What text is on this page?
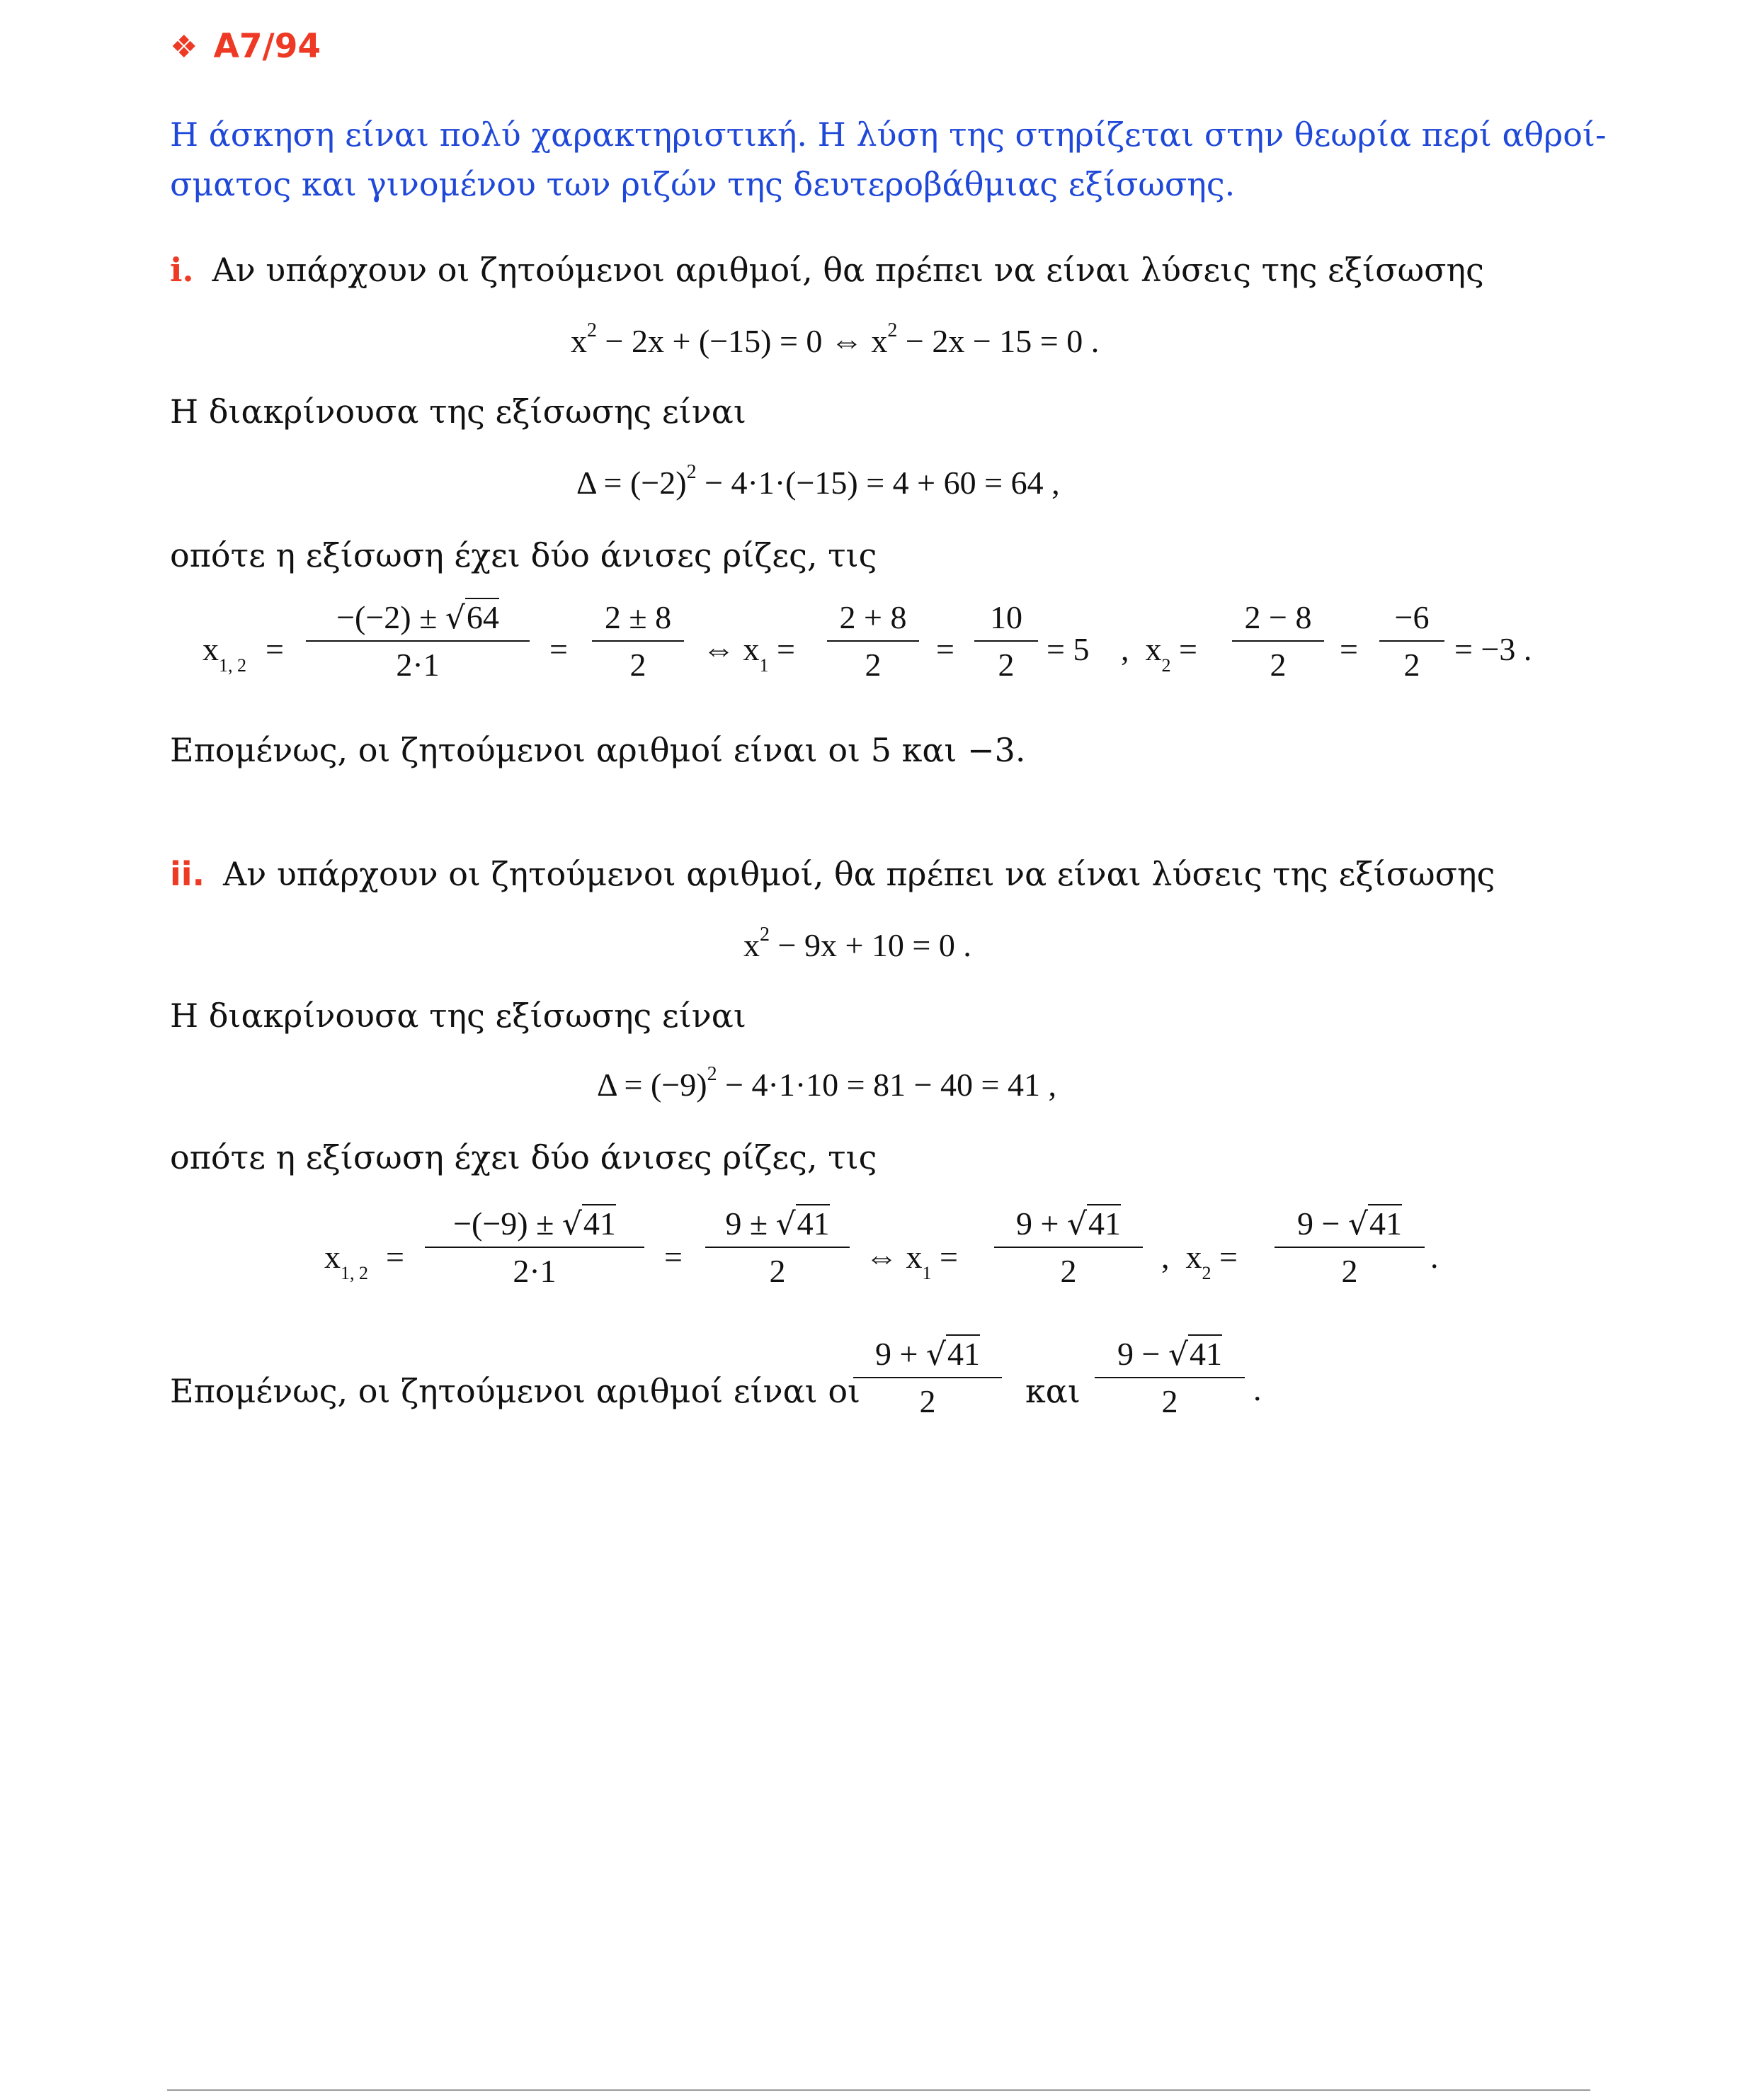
❖ A7/94
Η άσκηση είναι πολύ χαρακτηριστική. Η λύση της στηρίζεται στην θεωρία περί αθροί-
σματος και γινομένου των ριζών της δευτεροβάθμιας εξίσωσης.
i. Αν υπάρχουν οι ζητούμενοι αριθμοί, θα πρέπει να είναι λύσεις της εξίσωσης
$x^2 - 2x + (-15) = 0$ ⇔ $x^2 - 2x - 15 = 0$ .
Η διακρίνουσα της εξίσωσης είναι
$\Delta = (-2)^2 - 4\cdot 1\cdot(-15) = 4 + 60 = 64$ ,
οπότε η εξίσωση έχει δύο άνισες ρίζες, τις
$x_{1, 2}$ =
−(−2) ± √64
2·1	=
2 ± 8
2	⇔ $x_1$ =
2 + 8
2	=
10
2 = 5 ,  $x_2$ =
2 − 8
2	=
−6
2	= −3 .
Επομένως, οι ζητούμενοι αριθμοί είναι οι 5 και −3.
ii. Αν υπάρχουν οι ζητούμενοι αριθμοί, θα πρέπει να είναι λύσεις της εξίσωσης
$x^2 - 9x + 10 = 0$ .
Η διακρίνουσα της εξίσωσης είναι
$\Delta = (-9)^2 - 4\cdot 1\cdot 10 = 81 - 40 = 41$ ,
οπότε η εξίσωση έχει δύο άνισες ρίζες, τις
$x_{1, 2}$ =
−(−9) ± √41
2·1	=
9 ± √41
2	⇔ $x_1$ =
9 + √41
2	,  $x_2$ =
9 − √41
2	.
Επομένως, οι ζητούμενοι αριθμοί είναι οι
9 + √41
2	και
9 − √41
2	.
